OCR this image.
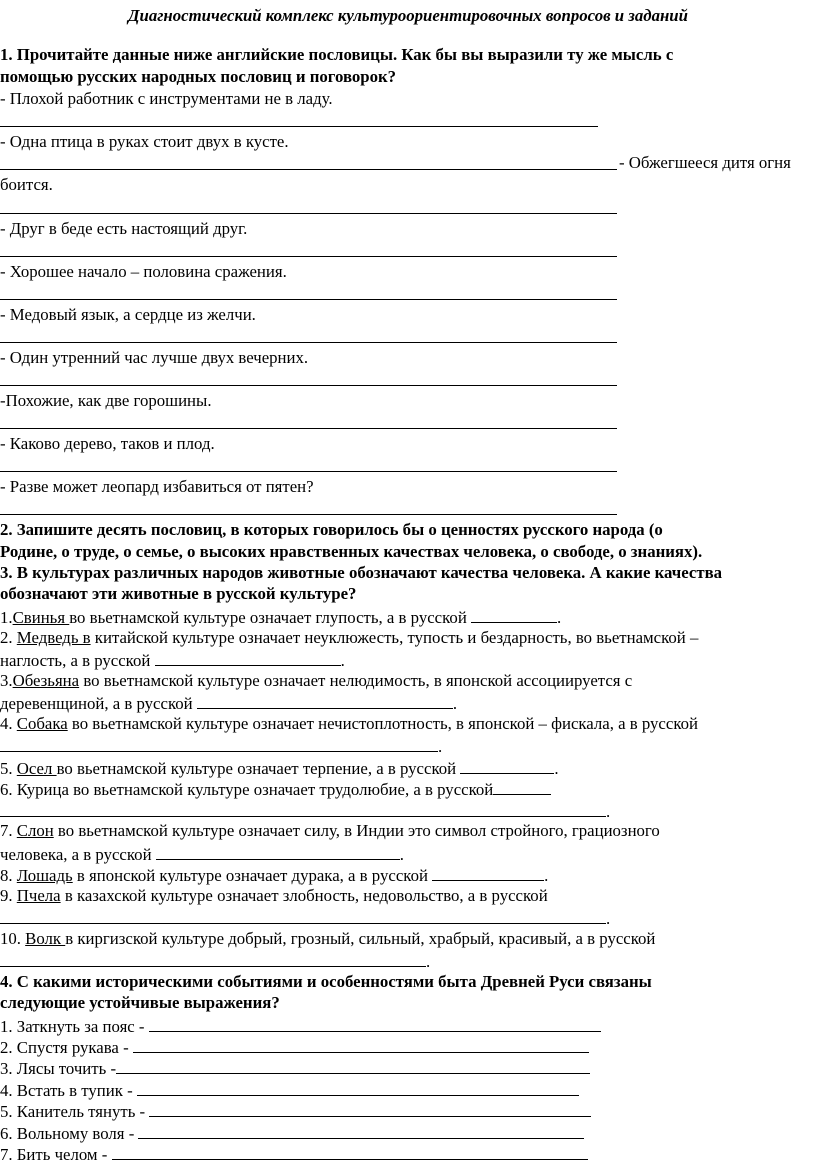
Диагностический комплекс культуроориентировочных вопросов и заданий
1. Прочитайте данные ниже английские пословицы. Как бы вы выразили ту же мысль с
помощью русских народных пословиц и поговорок?
- Плохой работник с инструментами не в ладу.
- Одна птица в руках стоит двух в кусте.
- Обжегшееся дитя огня
боится.
- Друг в беде есть настоящий друг.
- Хорошее начало – половина сражения.
- Медовый язык, а сердце из желчи.
- Один утренний час лучше двух вечерних.
-Похожие, как две горошины.
- Каково дерево, таков и плод.
- Разве может леопард избавиться от пятен?
2. Запишите десять пословиц, в которых говорилось бы о ценностях русского народа (о
Родине, о труде, о семье, о высоких нравственных качествах человека, о свободе, о знаниях).
3. В культурах различных народов животные обозначают качества человека. А какие качества
обозначают эти животные в русской культуре?
1.Свинья во вьетнамской культуре означает глупость, а в русской	.
2. Медведь в китайской культуре означает неуклюжесть, тупость и бездарность, во вьетнамской –
наглость, а в русской	.
3.Обезьяна во вьетнамской культуре означает нелюдимость, в японской ассоциируется с
деревенщиной, а в русской	.
4. Собака во вьетнамской культуре означает нечистоплотность, в японской – фискала, а в русской
.
5. Осел во вьетнамской культуре означает терпение, а в русской	.
6. Курица во вьетнамской культуре означает трудолюбие, а в русской
.
7. Слон во вьетнамской культуре означает силу, в Индии это символ стройного, грациозного
человека, а в русской	.
8. Лошадь в японской культуре означает дурака, а в русской	.
9. Пчела в казахской культуре означает злобность, недовольство, а в русской
.
10. Волк в киргизской культуре добрый, грозный, сильный, храбрый, красивый, а в русской
.
4. С какими историческими событиями и особенностями быта Древней Руси связаны
следующие устойчивые выражения?
1. Заткнуть за пояс -
2. Спустя рукава -
3. Лясы точить -
4. Встать в тупик -
5. Канитель тянуть -
6. Вольному воля -
7. Бить челом -
